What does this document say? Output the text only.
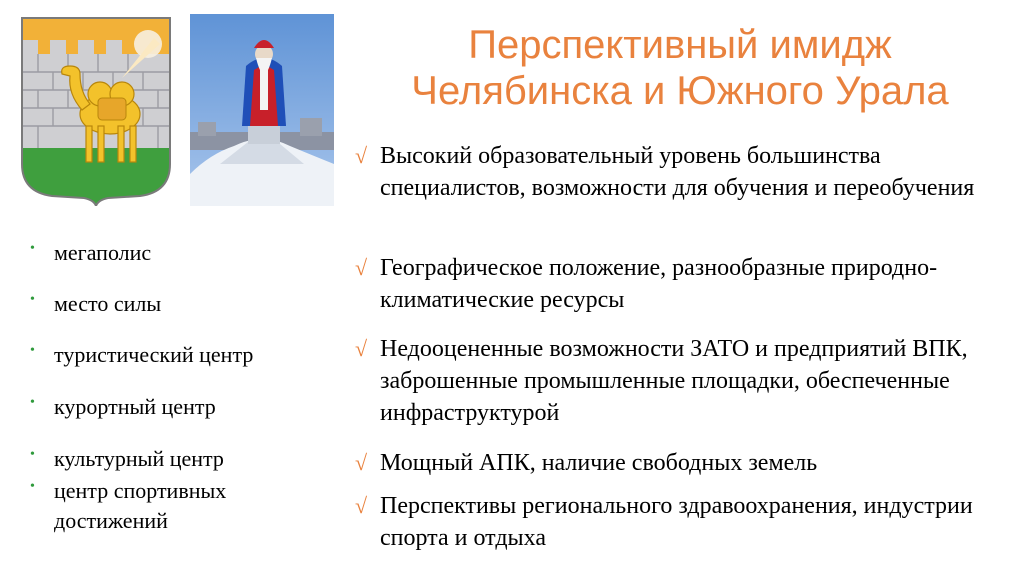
Перспективный имидж
Челябинска и Южного Урала
• мегаполис
• место силы
• туристический центр
• курортный центр
• культурный центр
• центр спортивных достижений
√ Высокий образовательный уровень большинства специалистов, возможности для обучения и переобучения
√ Географическое положение, разнообразные природно-климатические ресурсы
√ Недооцененные возможности ЗАТО и предприятий ВПК, заброшенные промышленные площадки, обеспеченные инфраструктурой
√ Мощный АПК, наличие свободных земель
√ Перспективы регионального здравоохранения, индустрии спорта и отдыха
